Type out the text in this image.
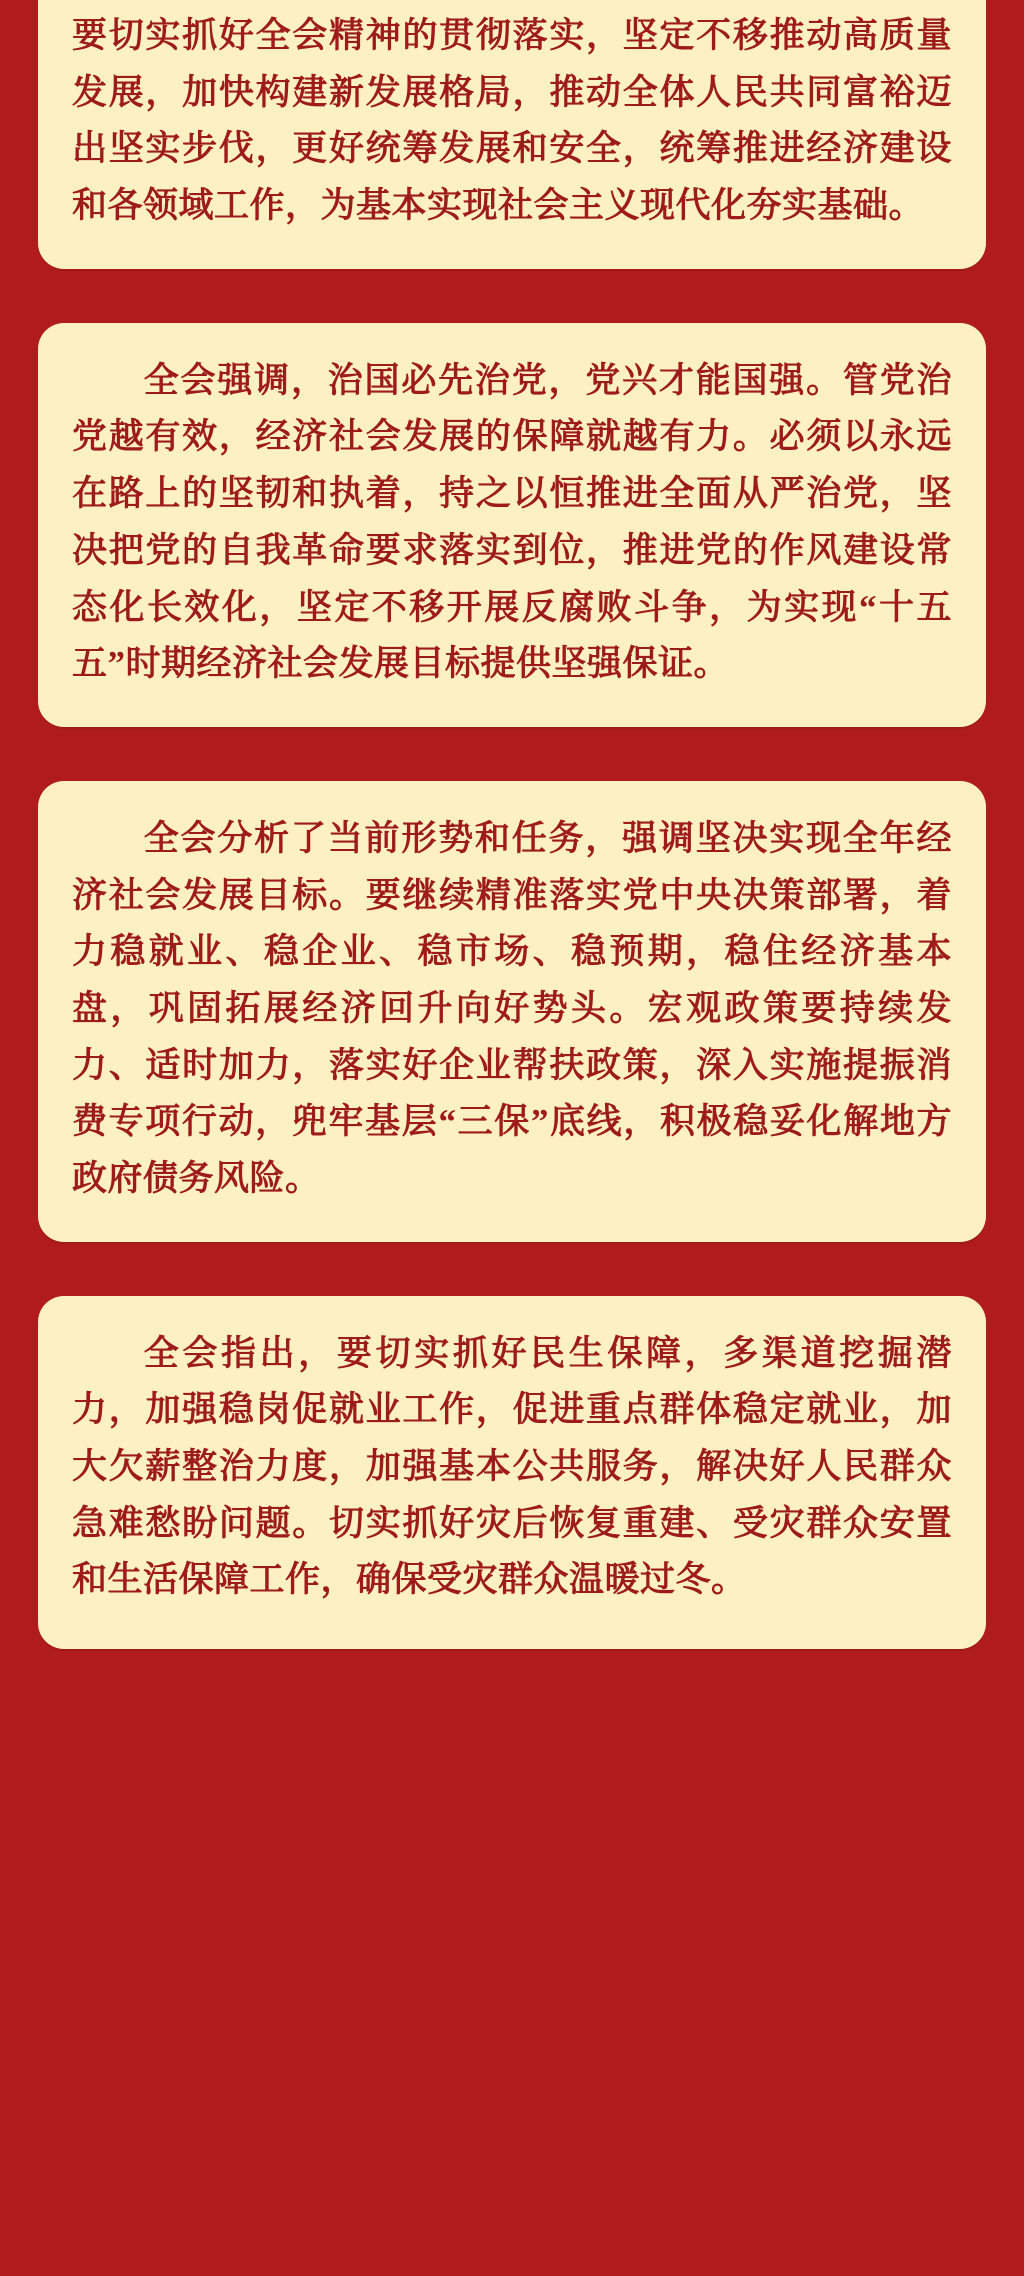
要切实抓好全会精神的贯彻落实，坚定不移推动高质量发展，加快构建新发展格局，推动全体人民共同富裕迈出坚实步伐，更好统筹发展和安全，统筹推进经济建设和各领域工作，为基本实现社会主义现代化夯实基础。

全会强调，治国必先治党，党兴才能国强。管党治党越有效，经济社会发展的保障就越有力。必须以永远在路上的坚韧和执着，持之以恒推进全面从严治党，坚决把党的自我革命要求落实到位，推进党的作风建设常态化长效化，坚定不移开展反腐败斗争，为实现“十五五”时期经济社会发展目标提供坚强保证。

全会分析了当前形势和任务，强调坚决实现全年经济社会发展目标。要继续精准落实党中央决策部署，着力稳就业、稳企业、稳市场、稳预期，稳住经济基本盘，巩固拓展经济回升向好势头。宏观政策要持续发力、适时加力，落实好企业帮扶政策，深入实施提振消费专项行动，兜牢基层“三保”底线，积极稳妥化解地方政府债务风险。

全会指出，要切实抓好民生保障，多渠道挖掘潜力，加强稳岗促就业工作，促进重点群体稳定就业，加大欠薪整治力度，加强基本公共服务，解决好人民群众急难愁盼问题。切实抓好灾后恢复重建、受灾群众安置和生活保障工作，确保受灾群众温暖过冬。
